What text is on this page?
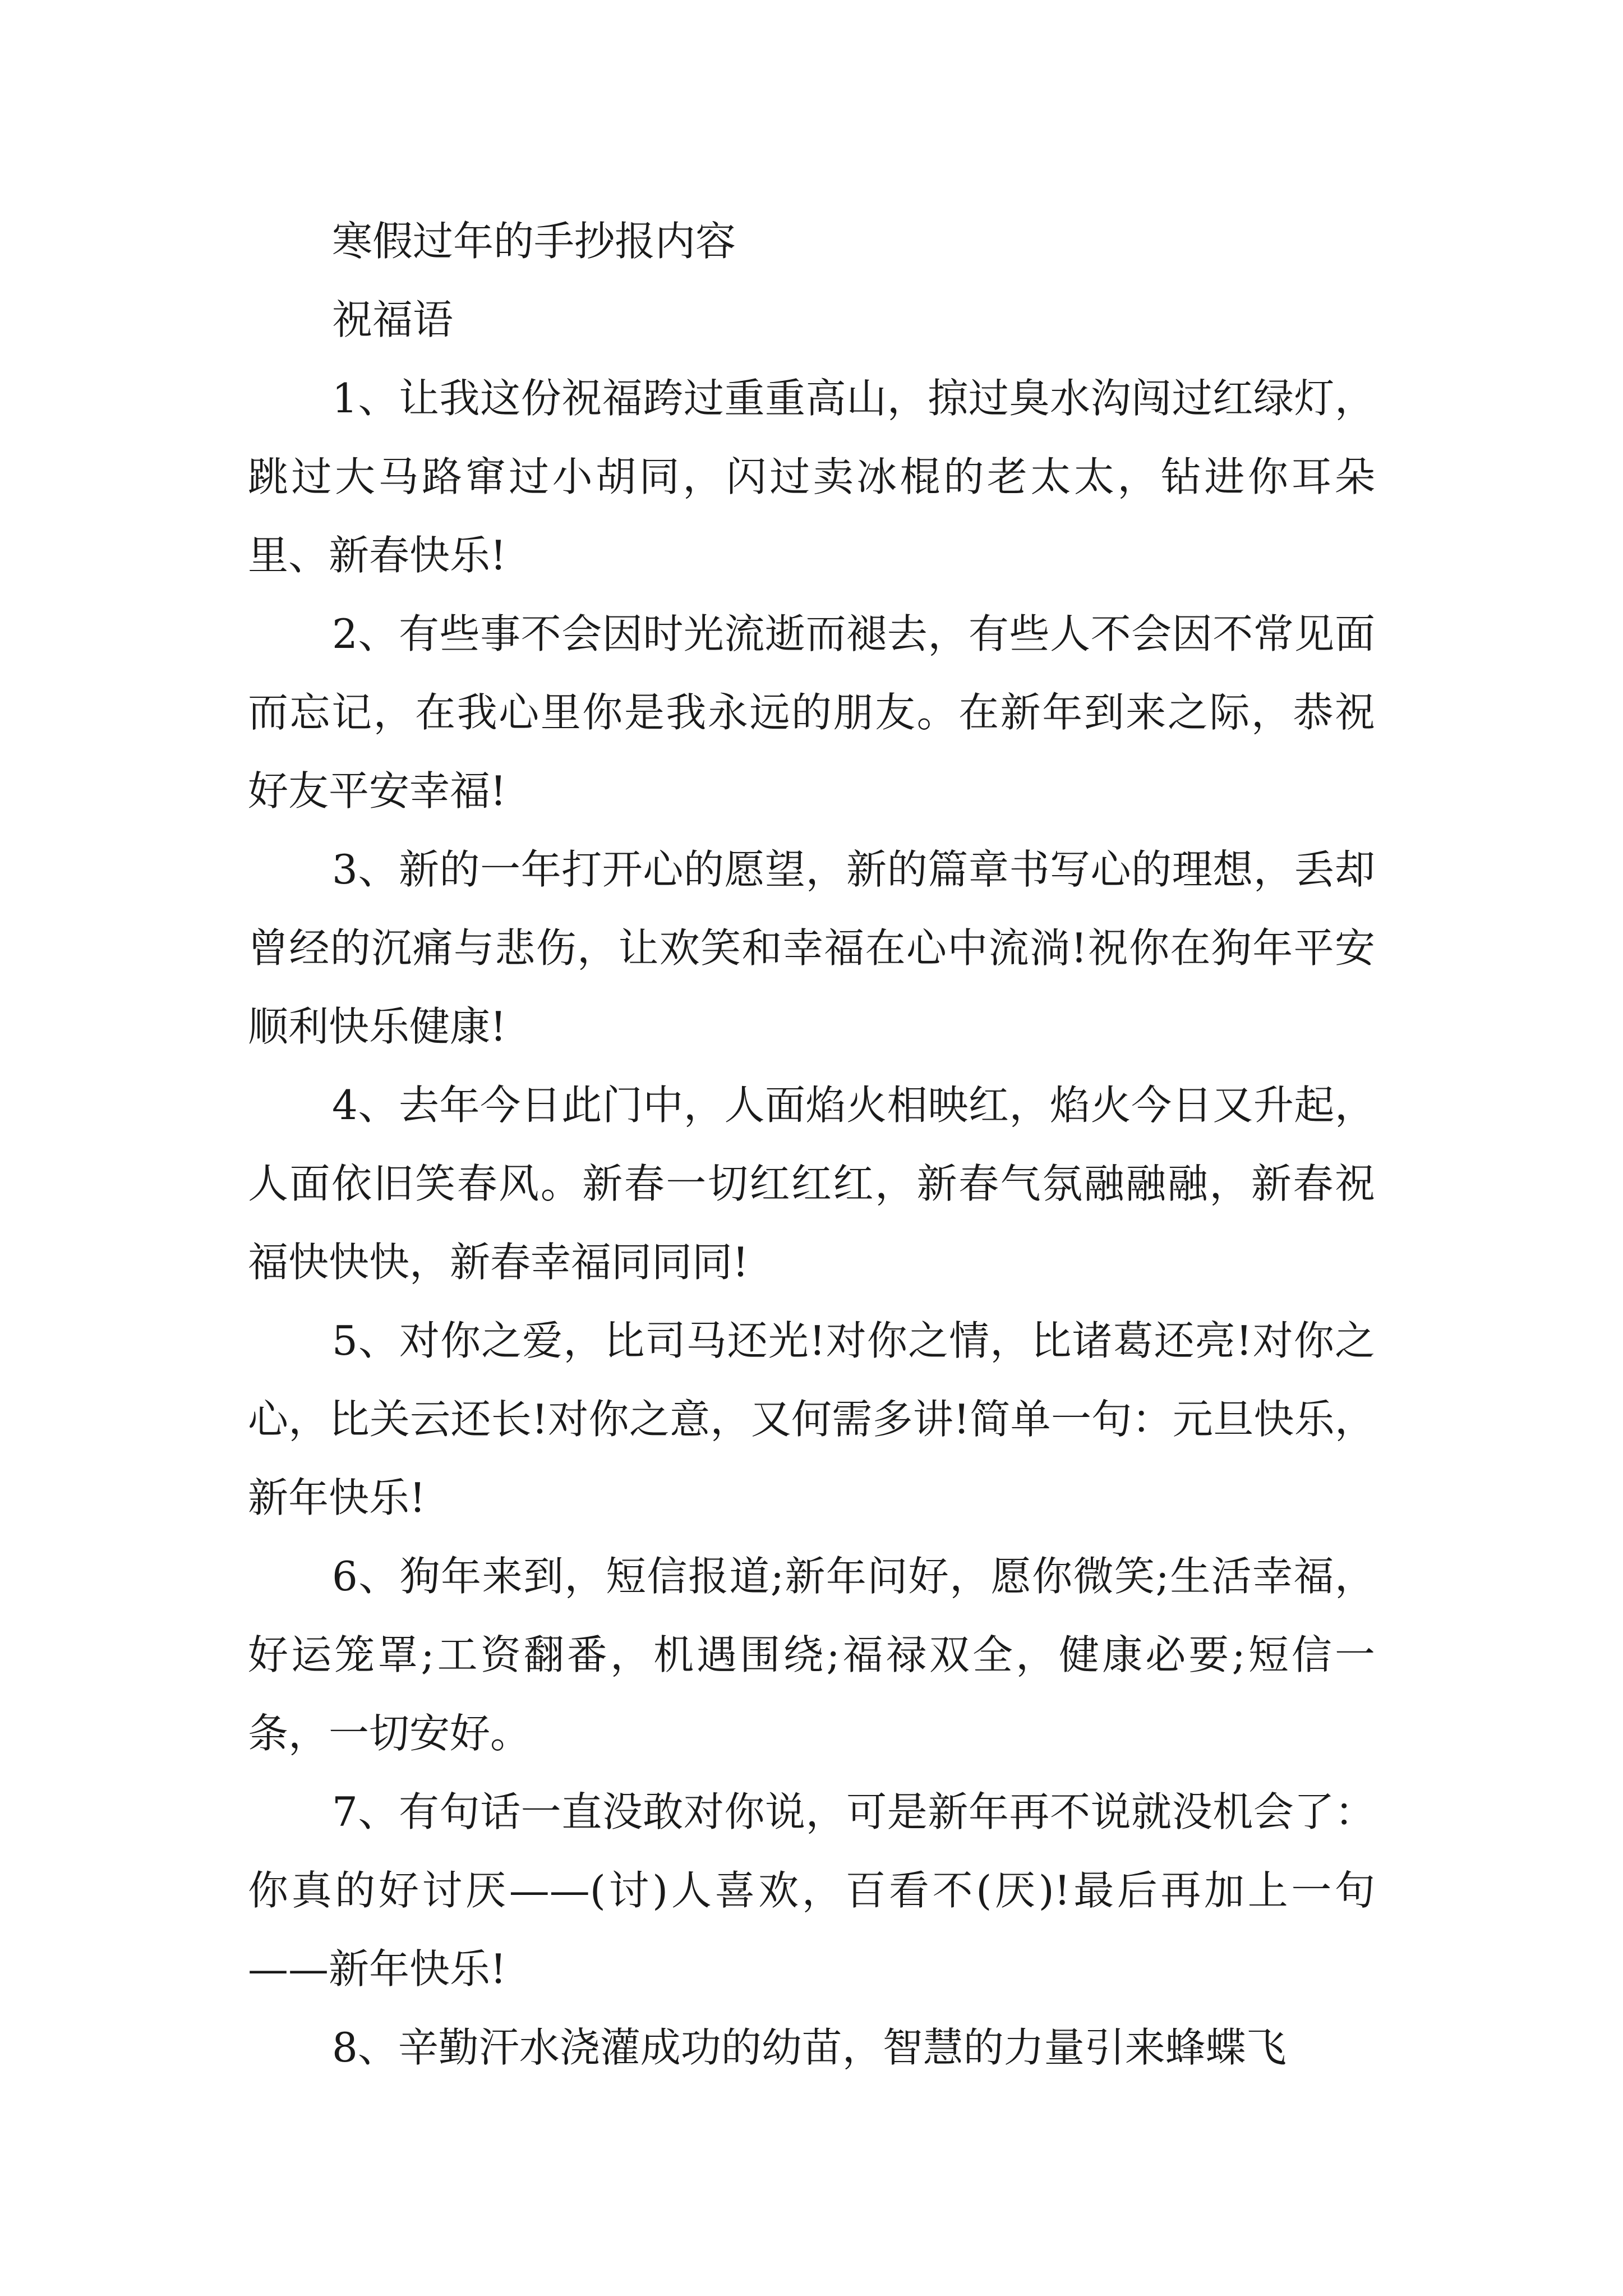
寒假过年的手抄报内容
祝福语

1、让我这份祝福跨过重重高山，掠过臭水沟闯过红绿灯，跳过大马路窜过小胡同，闪过卖冰棍的老太太，钻进你耳朵里、新春快乐!

2、有些事不会因时光流逝而褪去，有些人不会因不常见面而忘记，在我心里你是我永远的朋友。在新年到来之际，恭祝好友平安幸福!

3、新的一年打开心的愿望，新的篇章书写心的理想，丢却曾经的沉痛与悲伤，让欢笑和幸福在心中流淌!祝你在狗年平安顺利快乐健康!

4、去年今日此门中，人面焰火相映红，焰火今日又升起，人面依旧笑春风。新春一切红红红，新春气氛融融融，新春祝福快快快，新春幸福同同同!

5、对你之爱，比司马还光!对你之情，比诸葛还亮!对你之心，比关云还长!对你之意，又何需多讲!简单一句：元旦快乐，新年快乐!

6、狗年来到，短信报道;新年问好，愿你微笑;生活幸福，好运笼罩;工资翻番，机遇围绕;福禄双全，健康必要;短信一条，一切安好。

7、有句话一直没敢对你说，可是新年再不说就没机会了：你真的好讨厌——(讨)人喜欢，百看不(厌)!最后再加上一句——新年快乐!

8、辛勤汗水浇灌成功的幼苗，智慧的力量引来蜂蝶飞
